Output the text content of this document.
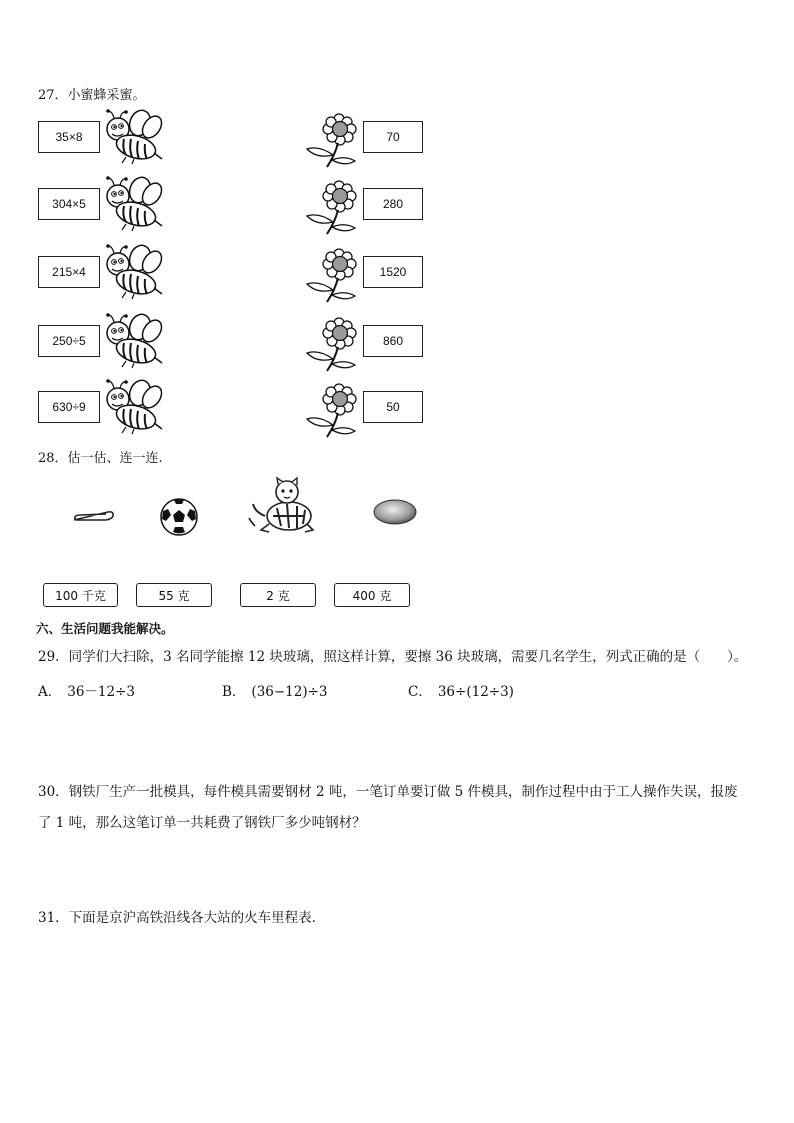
27．小蜜蜂采蜜。
35×8	70
304×5	280
215×4	1520
250÷5	860
630÷9	50
28．估一估、连一连.
100 千克	55 克	2 克	400 克
六、生活问题我能解决。
29．同学们大扫除，3 名同学能擦 12 块玻璃，照这样计算，要擦 36 块玻璃，需要几名学生，列式正确的是（　　）。
A． 36－12÷3	B． (36−12)÷3	C． 36÷(12÷3)
30．钢铁厂生产一批模具，每件模具需要钢材 2 吨，一笔订单要订做 5 件模具，制作过程中由于工人操作失误，报废
了 1 吨，那么这笔订单一共耗费了钢铁厂多少吨钢材？
31．下面是京沪高铁沿线各大站的火车里程表.
